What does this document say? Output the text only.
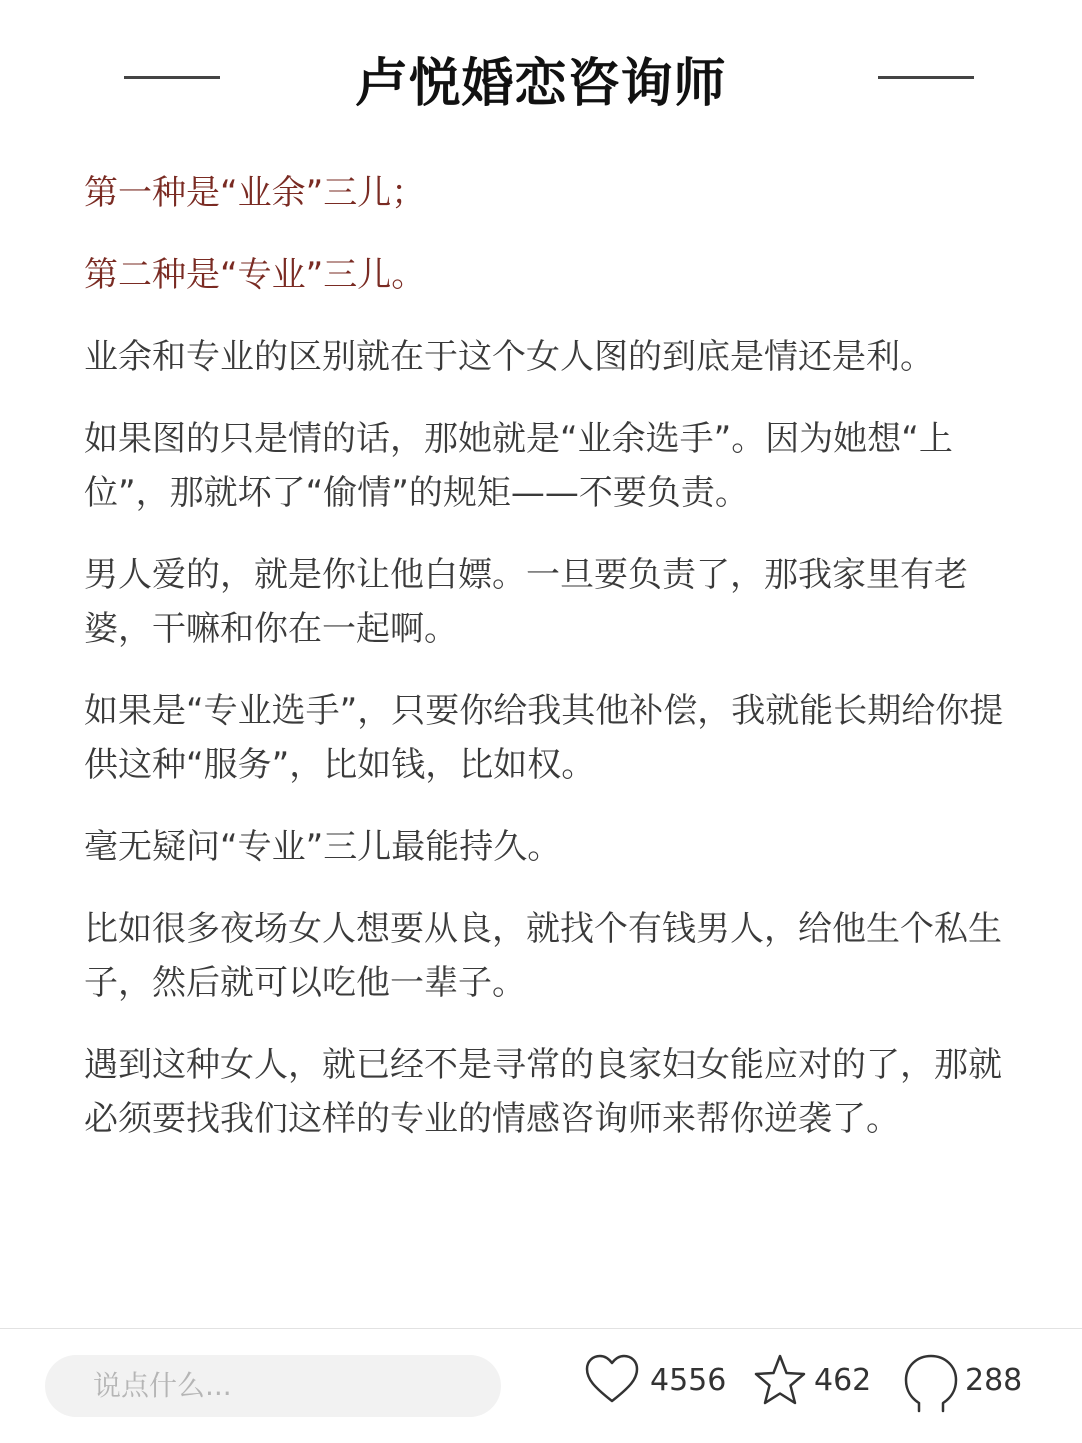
卢悦婚恋咨询师

第一种是“业余”三儿；

第二种是“专业”三儿。

业余和专业的区别就在于这个女人图的到底是情还是利。

如果图的只是情的话，那她就是“业余选手”。因为她想“上位”，那就坏了“偷情”的规矩——不要负责。

男人爱的，就是你让他白嫖。一旦要负责了，那我家里有老婆，干嘛和你在一起啊。

如果是“专业选手”，只要你给我其他补偿，我就能长期给你提供这种“服务”，比如钱，比如权。

毫无疑问“专业”三儿最能持久。

比如很多夜场女人想要从良，就找个有钱男人，给他生个私生子，然后就可以吃他一辈子。

遇到这种女人，就已经不是寻常的良家妇女能应对的了，那就必须要找我们这样的专业的情感咨询师来帮你逆袭了。

说点什么...	4556	462	288
